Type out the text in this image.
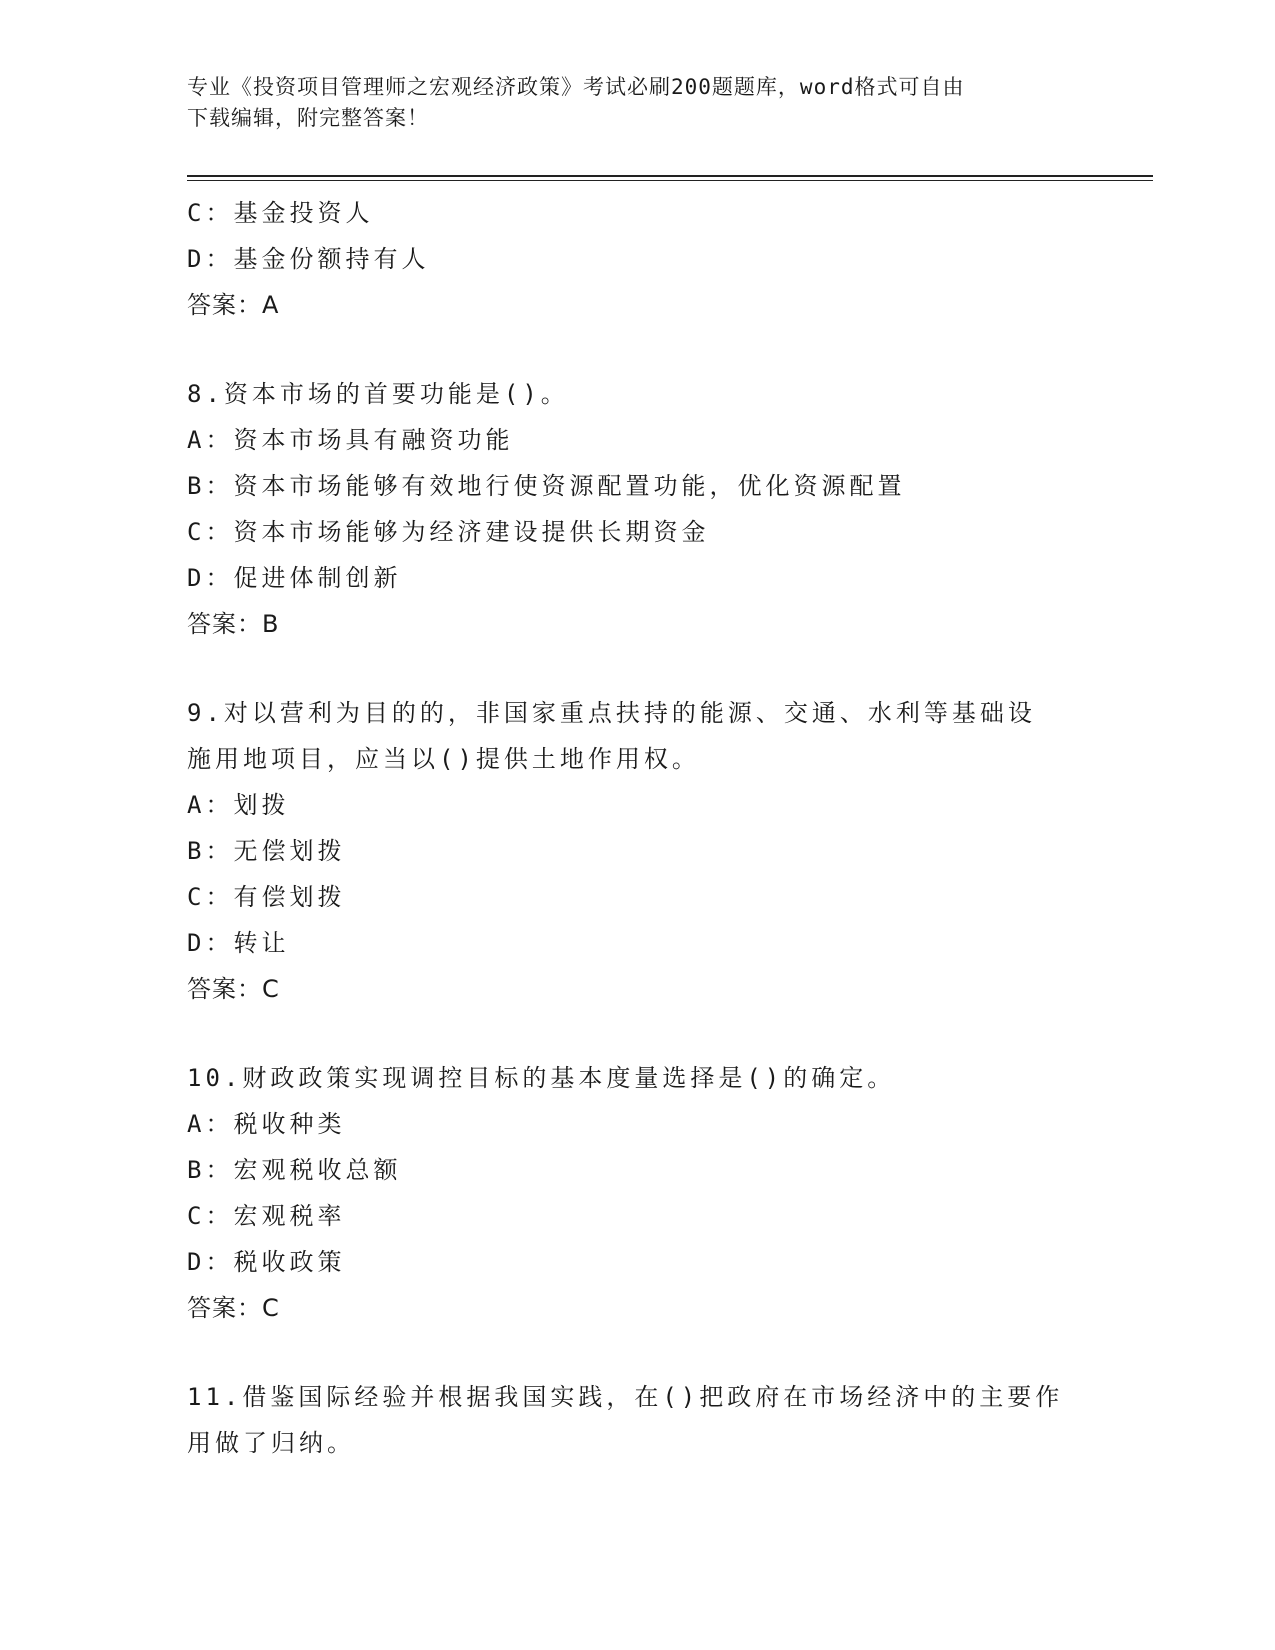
专业《投资项目管理师之宏观经济政策》考试必刷200题题库，word格式可自由
下载编辑，附完整答案！
C：基金投资人
D：基金份额持有人
答案：A
8.资本市场的首要功能是()。
A：资本市场具有融资功能
B：资本市场能够有效地行使资源配置功能，优化资源配置
C：资本市场能够为经济建设提供长期资金
D：促进体制创新
答案：B
9.对以营利为目的的，非国家重点扶持的能源、交通、水利等基础设
施用地项目，应当以()提供土地作用权。
A：划拨
B：无偿划拨
C：有偿划拨
D：转让
答案：C
10.财政政策实现调控目标的基本度量选择是()的确定。
A：税收种类
B：宏观税收总额
C：宏观税率
D：税收政策
答案：C
11.借鉴国际经验并根据我国实践，在()把政府在市场经济中的主要作
用做了归纳。
